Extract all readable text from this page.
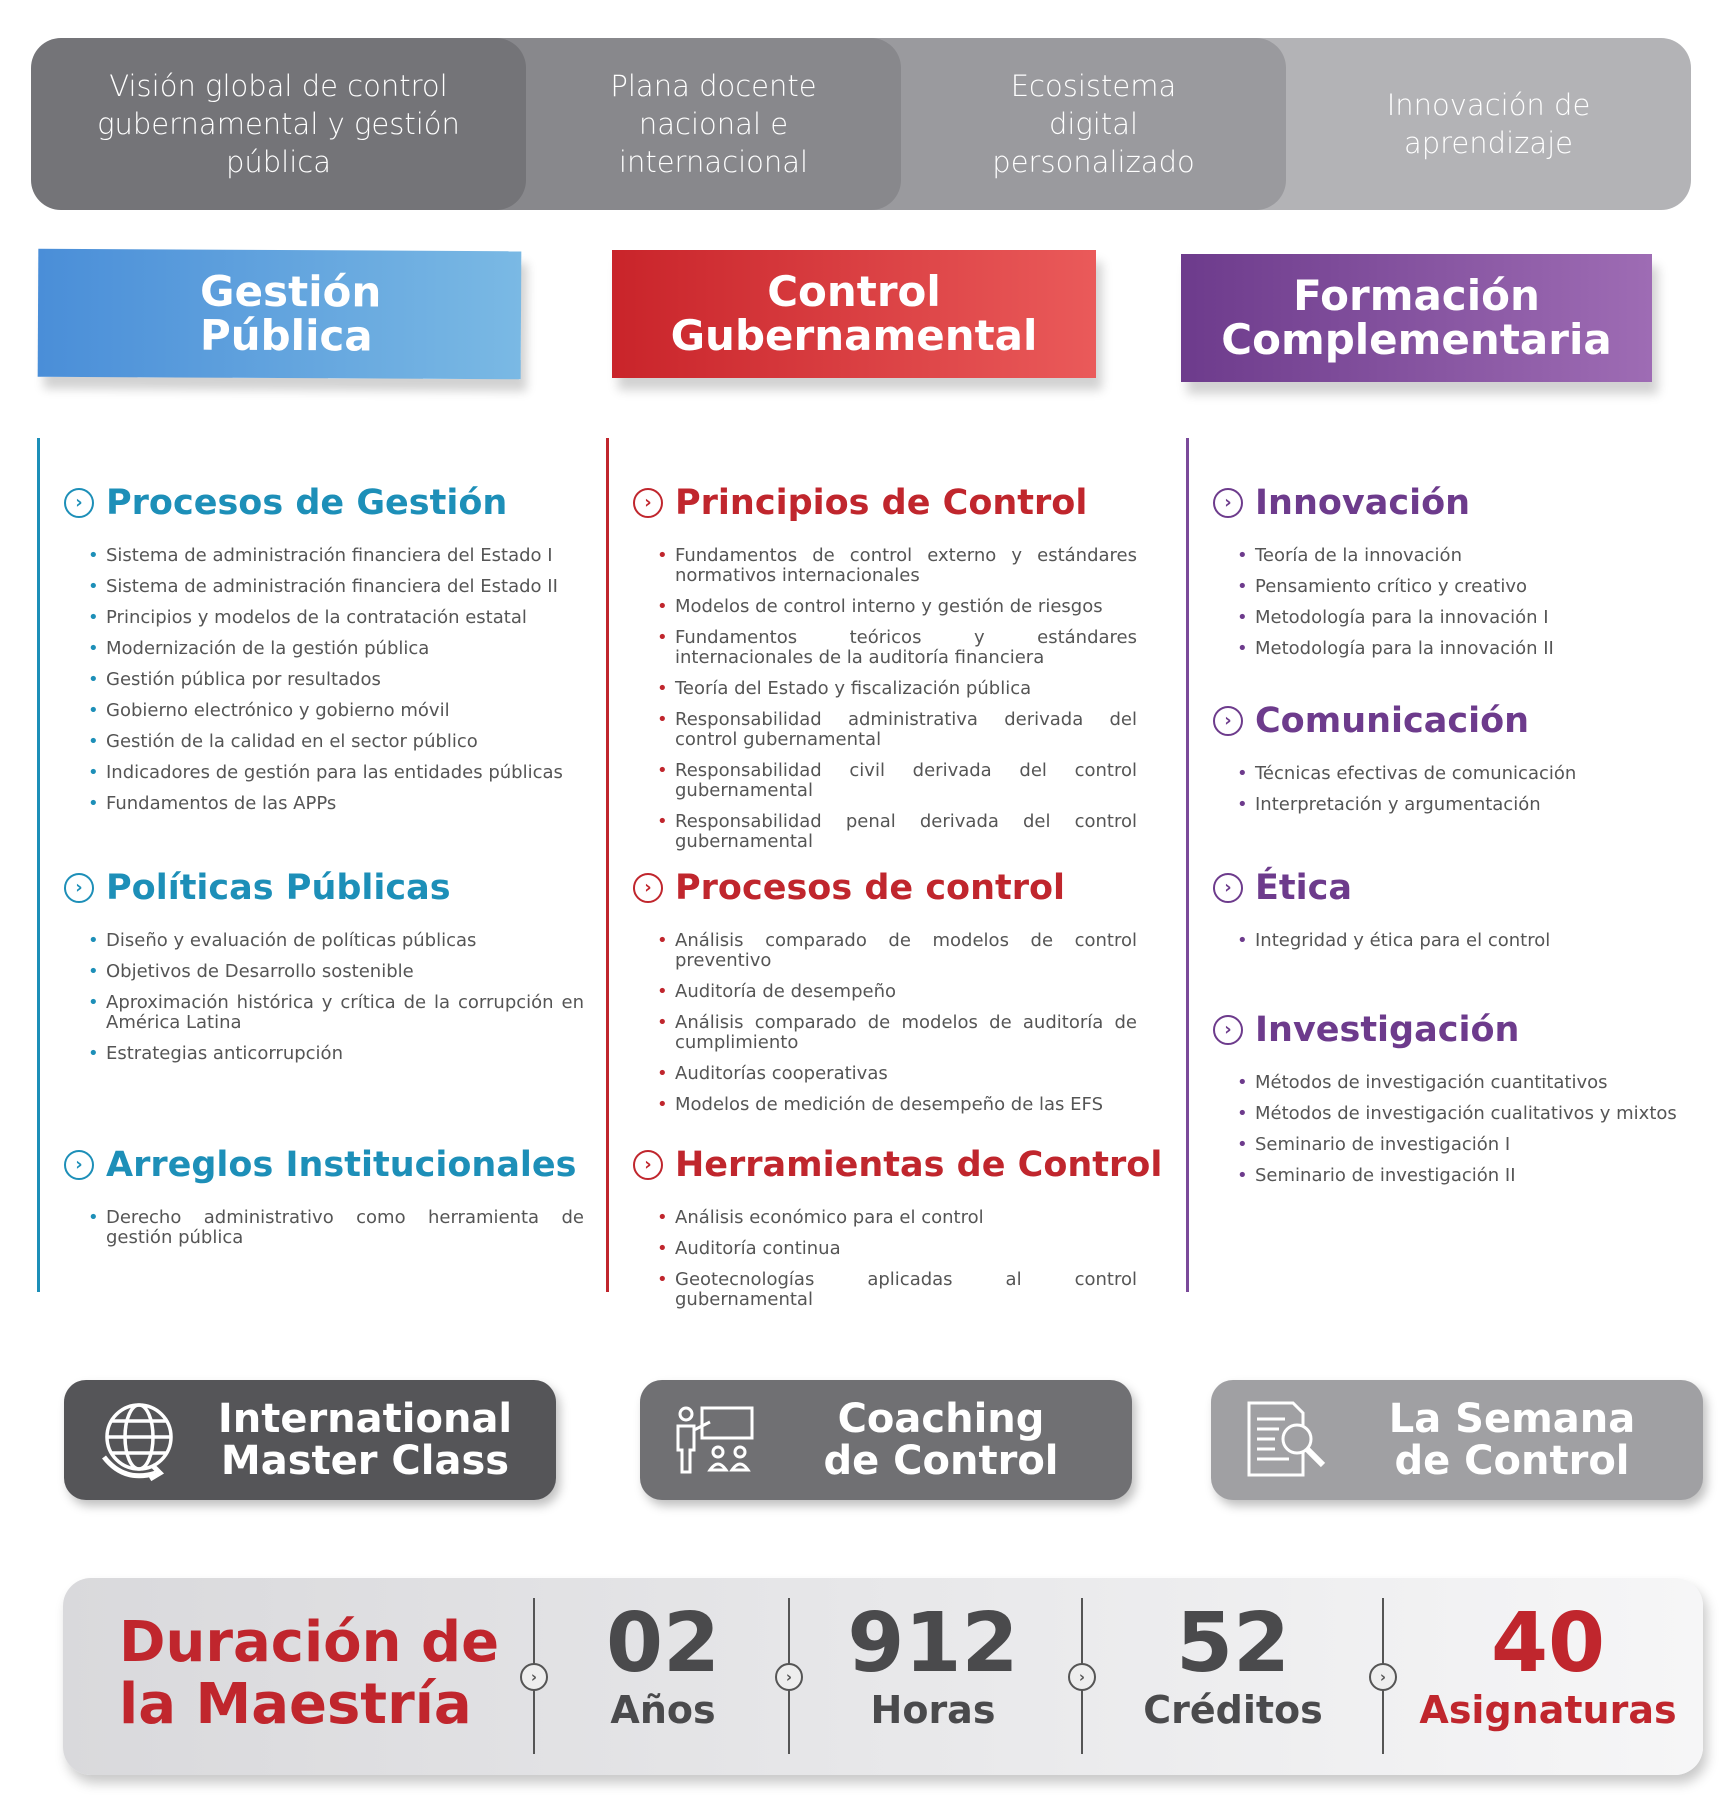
Visión global de control
gubernamental y gestión
pública
Plana docente
nacional e
internacional
Ecosistema
digital
personalizado
Innovación de
aprendizaje
Gestión
Pública
Control
Gubernamental
Formación
Complementaria
› Procesos de Gestión
• Sistema de administración financiera del Estado I
• Sistema de administración financiera del Estado II
• Principios y modelos de la contratación estatal
• Modernización de la gestión pública
• Gestión pública por resultados
• Gobierno electrónico y gobierno móvil
• Gestión de la calidad en el sector público
• Indicadores de gestión para las entidades públicas
• Fundamentos de las APPs
› Políticas Públicas
• Diseño y evaluación de políticas públicas
• Objetivos de Desarrollo sostenible
• Aproximación histórica y crítica de la corrupción en América Latina
• Estrategias anticorrupción
› Arreglos Institucionales
• Derecho administrativo como herramienta de gestión pública
› Principios de Control
• Fundamentos de control externo y estándares normativos internacionales
• Modelos de control interno y gestión de riesgos
• Fundamentos teóricos y estándares internacionales de la auditoría financiera
• Teoría del Estado y fiscalización pública
• Responsabilidad administrativa derivada del control gubernamental
• Responsabilidad civil derivada del control gubernamental
• Responsabilidad penal derivada del control gubernamental
› Procesos de control
• Análisis comparado de modelos de control preventivo
• Auditoría de desempeño
• Análisis comparado de modelos de auditoría de cumplimiento
• Auditorías cooperativas
• Modelos de medición de desempeño de las EFS
› Herramientas de Control
• Análisis económico para el control
• Auditoría continua
• Geotecnologías aplicadas al control gubernamental
› Innovación
• Teoría de la innovación
• Pensamiento crítico y creativo
• Metodología para la innovación I
• Metodología para la innovación II
› Comunicación
• Técnicas efectivas de comunicación
• Interpretación y argumentación
› Ética
• Integridad y ética para el control
› Investigación
• Métodos de investigación cuantitativos
• Métodos de investigación cualitativos y mixtos
• Seminario de investigación I
• Seminario de investigación II
International
Master Class
Coaching
de Control
La Semana
de Control
Duración de
la Maestría	›	›	›	›
02
Años
912
Horas
52
Créditos
40
Asignaturas
